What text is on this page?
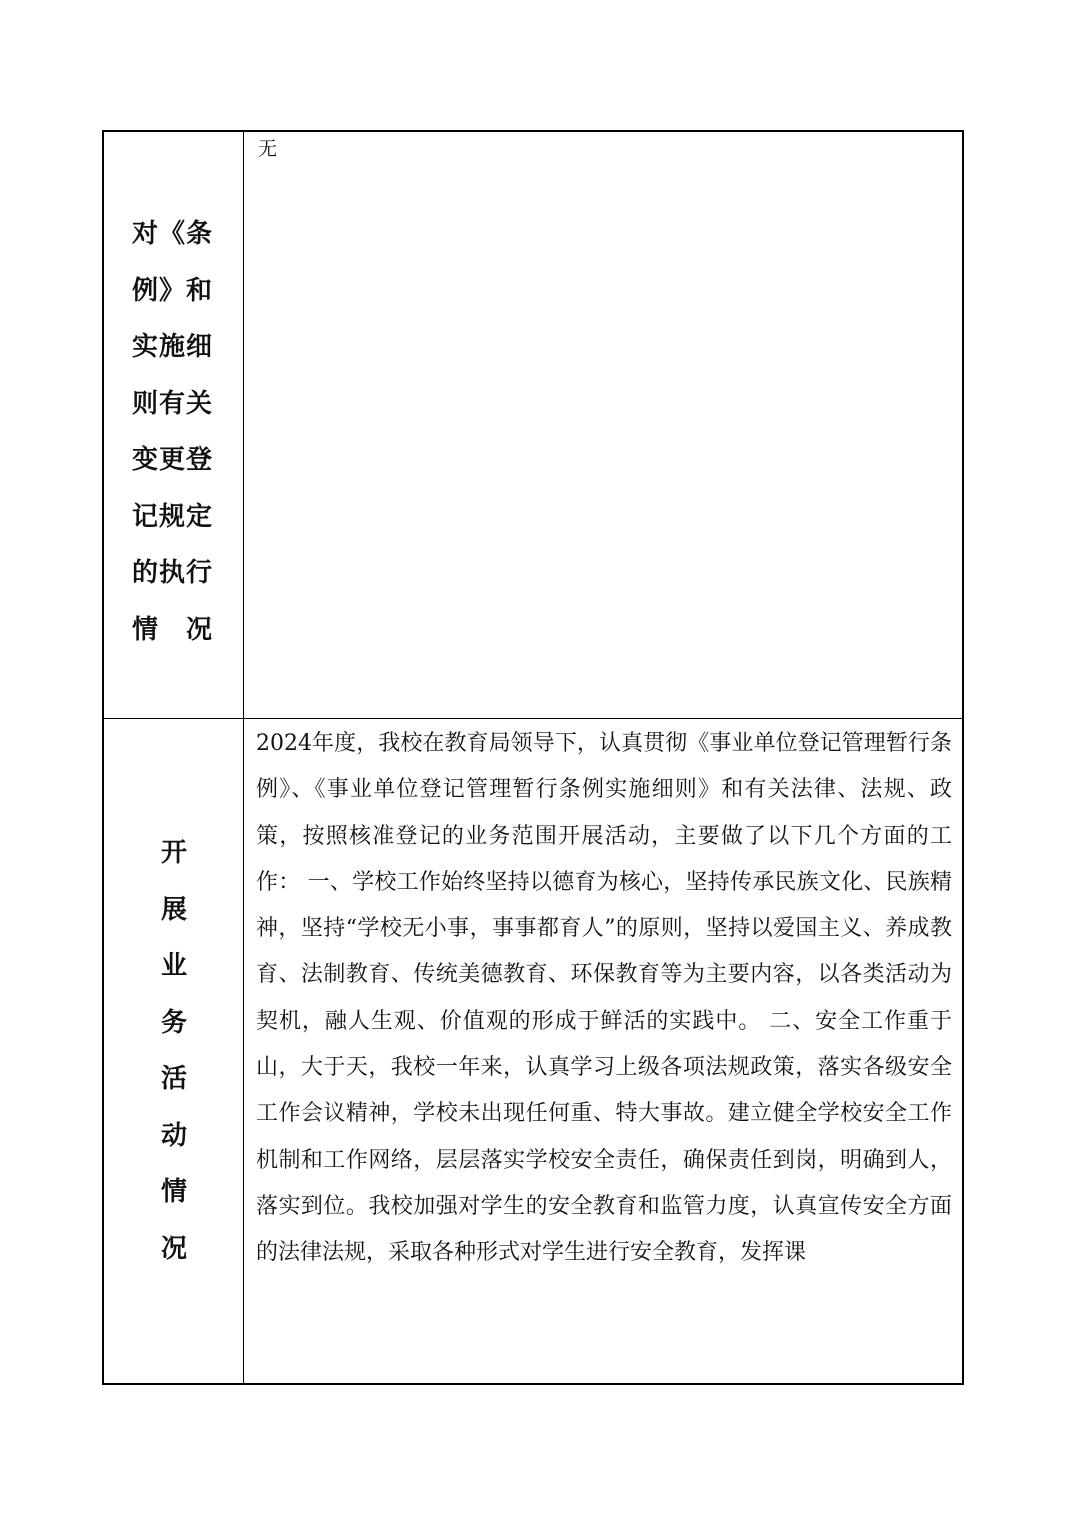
对《条例》和实施细则有关变更登记规定的执行情　况
无
开
展
业
务
活
动
情
况

2024年度，我校在教育局领导下，认真贯彻《事业单位登记管理暂行条例》、《事业单位登记管理暂行条例实施细则》和有关法律、法规、政策，按照核准登记的业务范围开展活动，主要做了以下几个方面的工作： 一、学校工作始终坚持以德育为核心，坚持传承民族文化、民族精神，坚持“学校无小事，事事都育人”的原则，坚持以爱国主义、养成教育、法制教育、传统美德教育、环保教育等为主要内容，以各类活动为契机，融人生观、价值观的形成于鲜活的实践中。 二、安全工作重于山，大于天，我校一年来，认真学习上级各项法规政策，落实各级安全工作会议精神，学校未出现任何重、特大事故。建立健全学校安全工作机制和工作网络，层层落实学校安全责任，确保责任到岗，明确到人，落实到位。我校加强对学生的安全教育和监管力度，认真宣传安全方面的法律法规，采取各种形式对学生进行安全教育，发挥课
